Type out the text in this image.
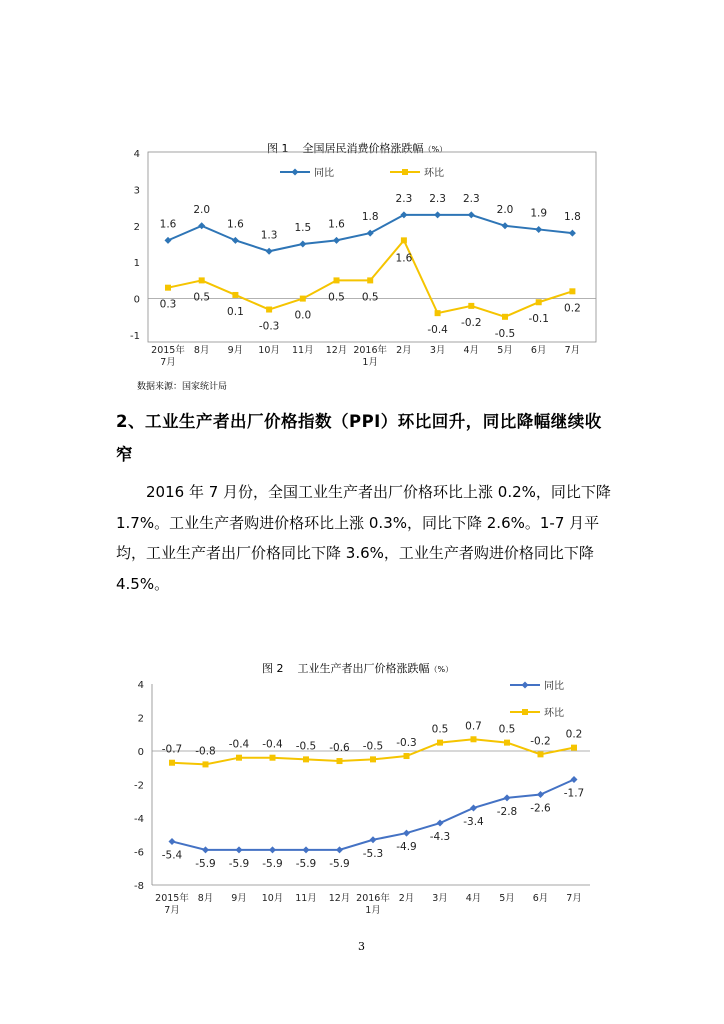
图 1    全国居民消费价格涨跌幅（%）

4
3
2
1
0
-1
2015年
7月
8月 9月 10月 11月 12月 2016年
1月
2月 3月 4月 5月 6月 7月
1.6
2.0
1.6
1.3
1.5 1.6
1.8
2.3 2.3 2.3
2.0 1.9 1.8
0.3
0.5
0.1
-0.3
0.0
0.5 0.5
1.6
-0.4
-0.2
-0.5
-0.1
0.2
同比	环比
数据来源：国家统计局
2、工业生产者出厂价格指数（PPI）环比回升，同比降幅继续收窄
2016 年 7 月份，全国工业生产者出厂价格环比上涨 0.2%，同比下降 1.7%。工业生产者购进价格环比上涨 0.3%，同比下降 2.6%。1-7 月平均，工业生产者出厂价格同比下降 3.6%，工业生产者购进价格同比下降 4.5%。

图 2    工业生产者出厂价格涨跌幅（%）

4
2
0
-2
-4
-6
-8
2015年
7月
8月 9月 10月 11月 12月 2016年
1月
2月 3月 4月 5月 6月 7月
-5.4
-5.9 -5.9 -5.9 -5.9 -5.9
-5.3
-4.9
-4.3
-3.4
-2.8 -2.6
-1.7
-0.7 -0.8
-0.4 -0.4 -0.5 -0.6 -0.5 -0.3
0.5 0.7 0.5
-0.2
0.2
同比
环比
3
